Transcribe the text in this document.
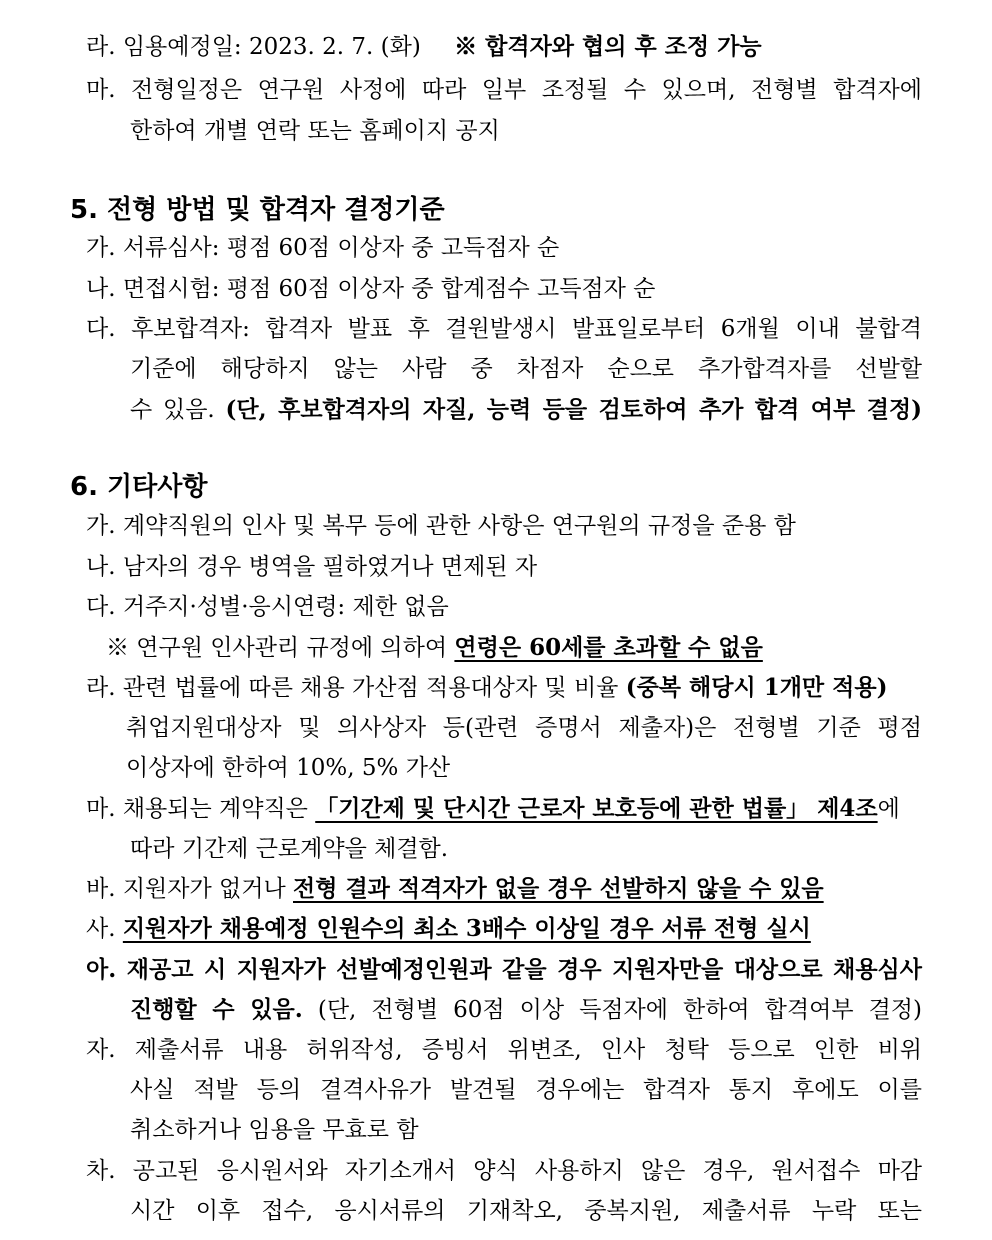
라. 임용예정일: 2023. 2. 7. (화) ※ 합격자와 협의 후 조정 가능
마. 전형일정은 연구원 사정에 따라 일부 조정될 수 있으며, 전형별 합격자에
한하여 개별 연락 또는 홈페이지 공지
5. 전형 방법 및 합격자 결정기준
가. 서류심사: 평점 60점 이상자 중 고득점자 순
나. 면접시험: 평점 60점 이상자 중 합계점수 고득점자 순
다. 후보합격자: 합격자 발표 후 결원발생시 발표일로부터 6개월 이내 불합격
기준에 해당하지 않는 사람 중 차점자 순으로 추가합격자를 선발할
수 있음. (단, 후보합격자의 자질, 능력 등을 검토하여 추가 합격 여부 결정)
6. 기타사항
가. 계약직원의 인사 및 복무 등에 관한 사항은 연구원의 규정을 준용 함
나. 남자의 경우 병역을 필하였거나 면제된 자
다. 거주지·성별·응시연령: 제한 없음
※ 연구원 인사관리 규정에 의하여 연령은 60세를 초과할 수 없음
라. 관련 법률에 따른 채용 가산점 적용대상자 및 비율 (중복 해당시 1개만 적용)
취업지원대상자 및 의사상자 등(관련 증명서 제출자)은 전형별 기준 평점
이상자에 한하여 10%, 5% 가산
마. 채용되는 계약직은 「기간제 및 단시간 근로자 보호등에 관한 법률」 제4조에
따라 기간제 근로계약을 체결함.
바. 지원자가 없거나 전형 결과 적격자가 없을 경우 선발하지 않을 수 있음
사. 지원자가 채용예정 인원수의 최소 3배수 이상일 경우 서류 전형 실시
아. 재공고 시 지원자가 선발예정인원과 같을 경우 지원자만을 대상으로 채용심사
진행할 수 있음. (단, 전형별 60점 이상 득점자에 한하여 합격여부 결정)
자. 제출서류 내용 허위작성, 증빙서 위변조, 인사 청탁 등으로 인한 비위
사실 적발 등의 결격사유가 발견될 경우에는 합격자 통지 후에도 이를
취소하거나 임용을 무효로 함
차. 공고된 응시원서와 자기소개서 양식 사용하지 않은 경우, 원서접수 마감
시간 이후 접수, 응시서류의 기재착오, 중복지원, 제출서류 누락 또는
